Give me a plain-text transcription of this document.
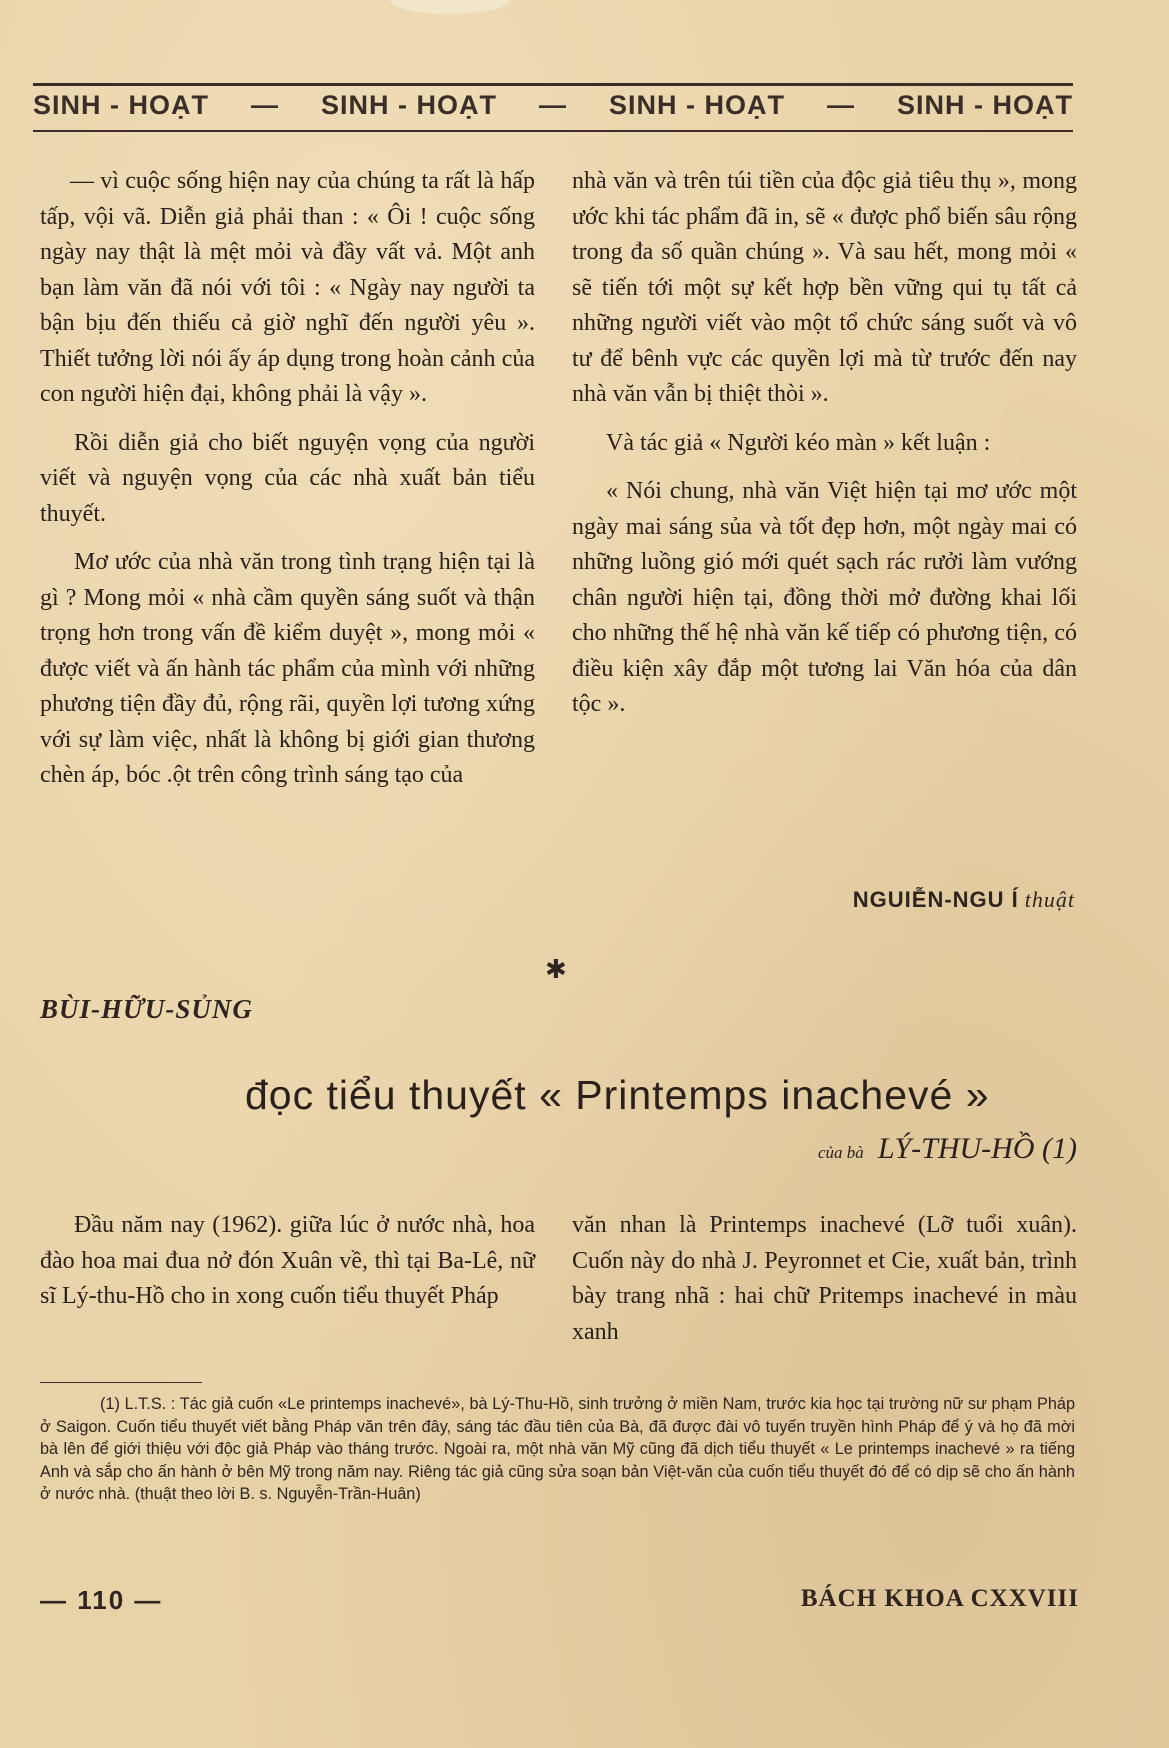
SINH - HOẠT — SINH - HOẠT — SINH - HOẠT — SINH - HOẠT

— vì cuộc sống hiện nay của chúng ta rất là hấp tấp, vội vã. Diễn giả phải than : « Ôi ! cuộc sống ngày nay thật là mệt mỏi và đầy vất vả. Một anh bạn làm văn đã nói với tôi : « Ngày nay người ta bận bịu đến thiếu cả giờ nghĩ đến người yêu ». Thiết tưởng lời nói ấy áp dụng trong hoàn cảnh của con người hiện đại, không phải là vậy ».

Rồi diễn giả cho biết nguyện vọng của người viết và nguyện vọng của các nhà xuất bản tiểu thuyết.

Mơ ước của nhà văn trong tình trạng hiện tại là gì ? Mong mỏi « nhà cầm quyền sáng suốt và thận trọng hơn trong vấn đề kiểm duyệt », mong mỏi « được viết và ấn hành tác phẩm của mình với những phương tiện đầy đủ, rộng rãi, quyền lợi tương xứng với sự làm việc, nhất là không bị giới gian thương chèn áp, bóc .ột trên công trình sáng tạo của

nhà văn và trên túi tiền của độc giả tiêu thụ », mong ước khi tác phẩm đã in, sẽ « được phổ biến sâu rộng trong đa số quần chúng ». Và sau hết, mong mỏi « sẽ tiến tới một sự kết hợp bền vững qui tụ tất cả những người viết vào một tổ chức sáng suốt và vô tư để bênh vực các quyền lợi mà từ trước đến nay nhà văn vẫn bị thiệt thòi ».

Và tác giả « Người kéo màn » kết luận :

« Nói chung, nhà văn Việt hiện tại mơ ước một ngày mai sáng sủa và tốt đẹp hơn, một ngày mai có những luồng gió mới quét sạch rác rưởi làm vướng chân người hiện tại, đồng thời mở đường khai lối cho những thế hệ nhà văn kế tiếp có phương tiện, có điều kiện xây đắp một tương lai Văn hóa của dân tộc ».

NGUIỄN-NGU Í thuật
✱
BÙI-HỮU-SỦNG
đọc tiểu thuyết « Printemps inachevé »
của bà LÝ-THU-HỒ (1)

Đầu năm nay (1962). giữa lúc ở nước nhà, hoa đào hoa mai đua nở đón Xuân về, thì tại Ba-Lê, nữ sĩ Lý-thu-Hồ cho in xong cuốn tiểu thuyết Pháp

văn nhan là Printemps inachevé (Lỡ tuổi xuân). Cuốn này do nhà J. Peyronnet et Cie, xuất bản, trình bày trang nhã : hai chữ Pritemps inachevé in màu xanh

(1) L.T.S. : Tác giả cuốn «Le printemps inachevé», bà Lý-Thu-Hồ, sinh trưởng ở miền Nam, trước kia học tại trường nữ sư phạm Pháp ở Saigon. Cuốn tiểu thuyết viết bằng Pháp văn trên đây, sáng tác đầu tiên của Bà, đã được đài vô tuyến truyền hình Pháp để ý và họ đã mời bà lên để giới thiệu với độc giả Pháp vào tháng trước. Ngoài ra, một nhà văn Mỹ cũng đã dịch tiểu thuyết « Le printemps inachevé » ra tiếng Anh và sắp cho ấn hành ở bên Mỹ trong năm nay. Riêng tác giả cũng sửa soạn bản Việt-văn của cuốn tiểu thuyết đó để có dịp sẽ cho ấn hành ở nước nhà. (thuật theo lời B. s. Nguyễn-Trần-Huân)
— 110 —	BÁCH KHOA CXXVIII
